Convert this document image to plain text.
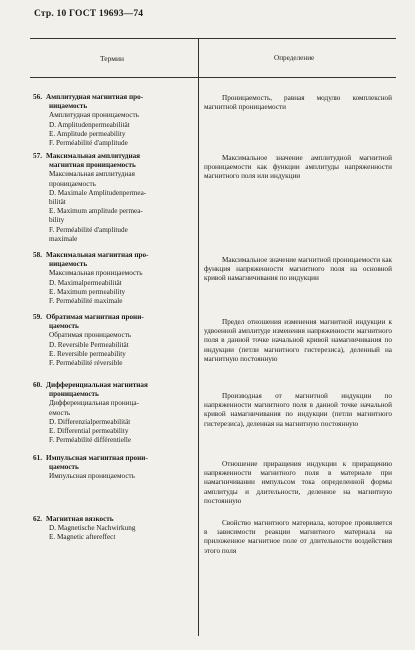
Стр. 10 ГОСТ 19693—74
Термин	Определение
56. Амплитудная магнитная про-
ницаемость
Амплитудная проницаемость
D. Amplitudenpermeabilität
E. Amplitude permeability
F. Perméabilité d'amplitude
Проницаемость, равная модулю комплексной магнитной проницаемости
57. Максимальная амплитудная
магнитная проницаемость
Максимальная амплитудная
проницаемость
D. Maximale Amplitudenpermea-
bilität
E. Maximum amplitude permea-
bility
F. Perméabilité d'amplitude
maximale
Максимальное значение амплитудной магнитной проницаемости как функции амплитуды напряженности магнитного поля или индукции
58. Максимальная магнитная про-
ницаемость
Максимальная проницаемость
D. Maximalpermeabilität
E. Maximum permeability
F. Perméabilité maximale
Максимальное значение магнитной проницаемости как функция напряженности магнитного поля на основной кривой намагничивания по индукции
59. Обратимая магнитная прони-
цаемость
Обратимая проницаемость
D. Reversible Permeabilität
E. Reversible permeability
F. Perméabilité réversible
Предел отношения изменения магнитной индукции к удвоенной амплитуде изменения напряженности магнитного поля в данной точке начальной кривой намагничивания по индукции (петли магнитного гистерезиса), деленный на магнитную постоянную
60. Дифференциальная магнитная
проницаемость
Дифференциальная проница-
емость
D. Differenzialpermeabilität
E. Differential permeability
F. Perméabilité différentielle
Производная от магнитной индукции по напряженности магнитного поля в данной точке начальной кривой намагничивания по индукции (петли магнитного гистерезиса), деленная на магнитную постоянную
61. Импульсная магнитная прони-
цаемость
Импульсная проницаемость
Отношение приращения индукции к приращению напряженности магнитного поля в материале при намагничивании импульсом тока определенной формы амплитуды и длительности, деленное на магнитную постоянную
62. Магнитная вязкость
D. Magnetische Nachwirkung
E. Magnetic aftereffect
Свойство магнитного материала, которое проявляется в зависимости реакции магнитного материала на приложенное магнитное поле от длительности воздействия этого поля
